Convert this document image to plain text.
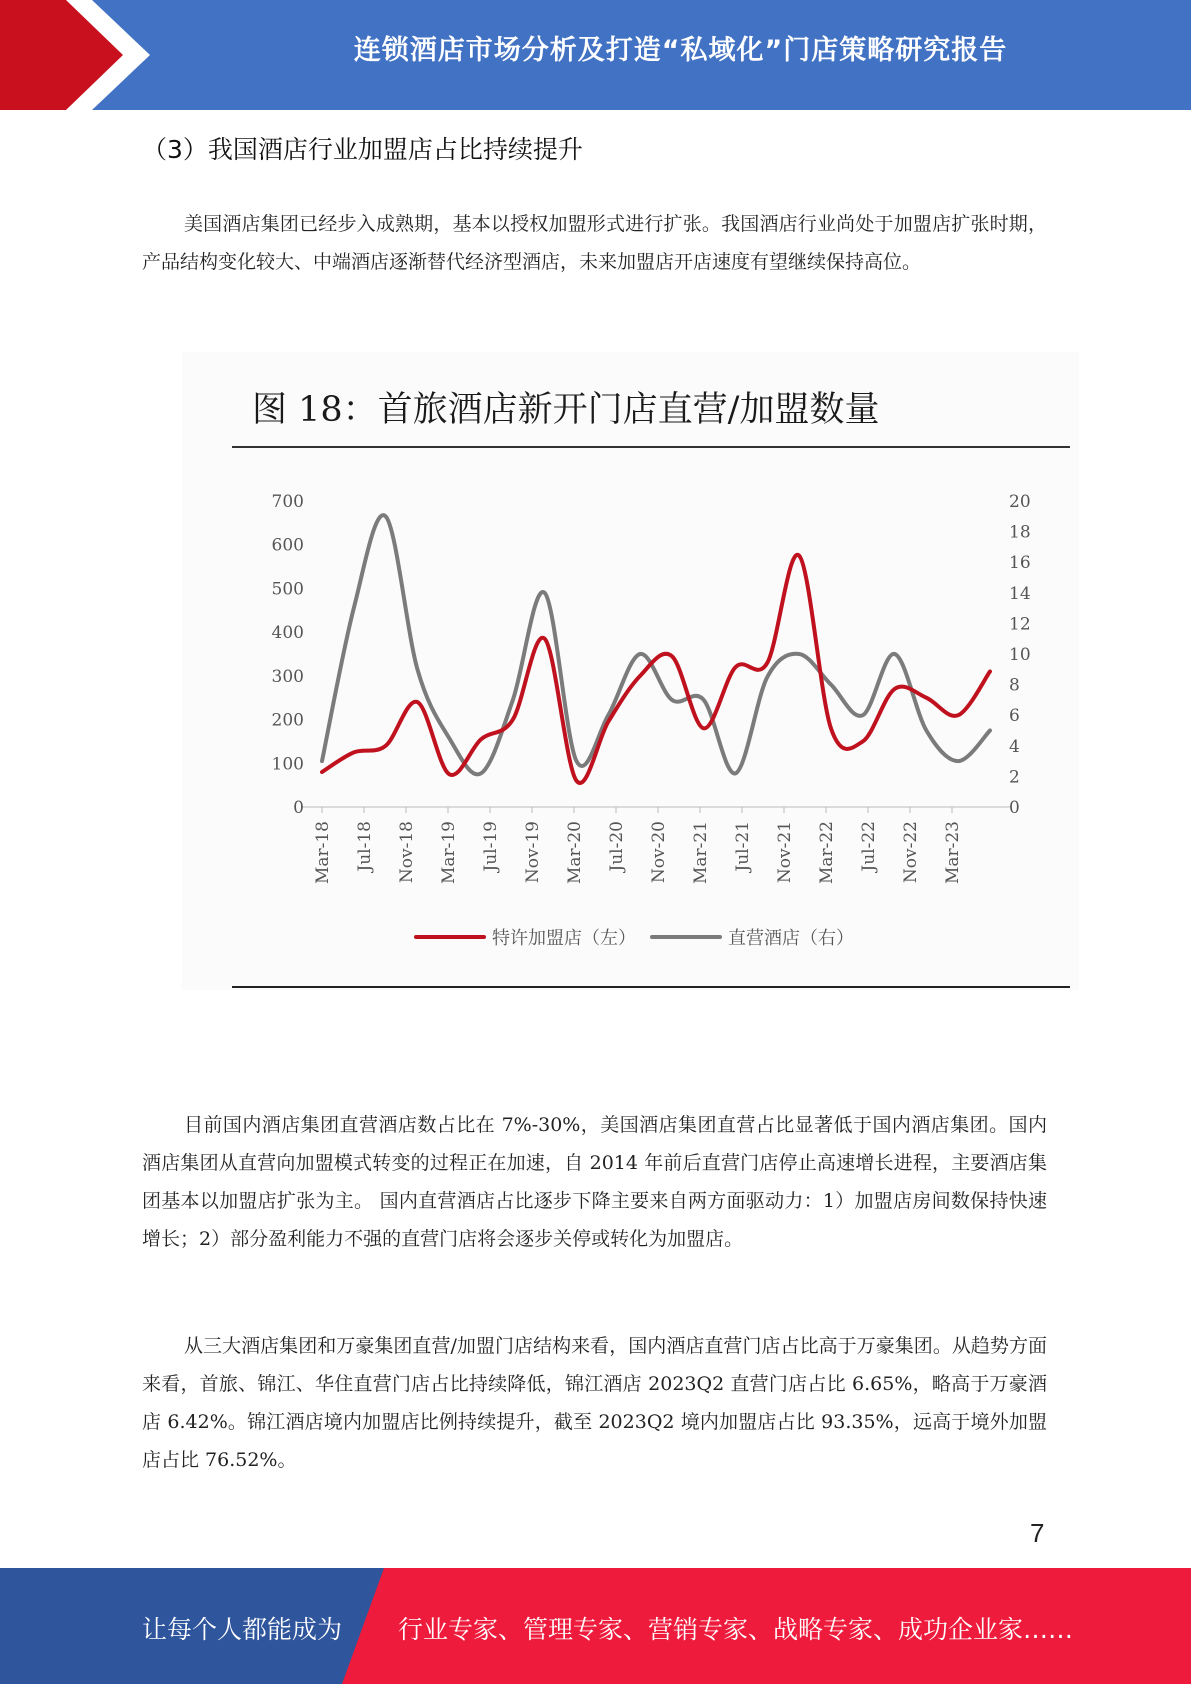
连锁酒店市场分析及打造“私域化”门店策略研究报告
（3）我国酒店行业加盟店占比持续提升
美国酒店集团已经步入成熟期，基本以授权加盟形式进行扩张。我国酒店行业尚处于加盟店扩张时期，产品结构变化较大、中端酒店逐渐替代经济型酒店，未来加盟店开店速度有望继续保持高位。
图 18：首旅酒店新开门店直营/加盟数量
0
100
200
300
400
500
600
700
0
2
4
6
8
10
12
14
16
18
20
Mar-18 Jul-18 Nov-18 Mar-19 Jul-19 Nov-19 Mar-20 Jul-20 Nov-20 Mar-21 Jul-21 Nov-21 Mar-22 Jul-22 Nov-22 Mar-23
特许加盟店（左）	直营酒店（右）
目前国内酒店集团直营酒店数占比在 7%-30%，美国酒店集团直营占比显著低于国内酒店集团。国内酒店集团从直营向加盟模式转变的过程正在加速，自 2014 年前后直营门店停止高速增长进程，主要酒店集团基本以加盟店扩张为主。 国内直营酒店占比逐步下降主要来自两方面驱动力：1）加盟店房间数保持快速增长；2）部分盈利能力不强的直营门店将会逐步关停或转化为加盟店。
从三大酒店集团和万豪集团直营/加盟门店结构来看，国内酒店直营门店占比高于万豪集团。从趋势方面来看，首旅、锦江、华住直营门店占比持续降低，锦江酒店 2023Q2 直营门店占比 6.65%，略高于万豪酒店 6.42%。锦江酒店境内加盟店比例持续提升，截至 2023Q2 境内加盟店占比 93.35%，远高于境外加盟店占比 76.52%。
7
让每个人都能成为 行业专家、管理专家、营销专家、战略专家、成功企业家……
